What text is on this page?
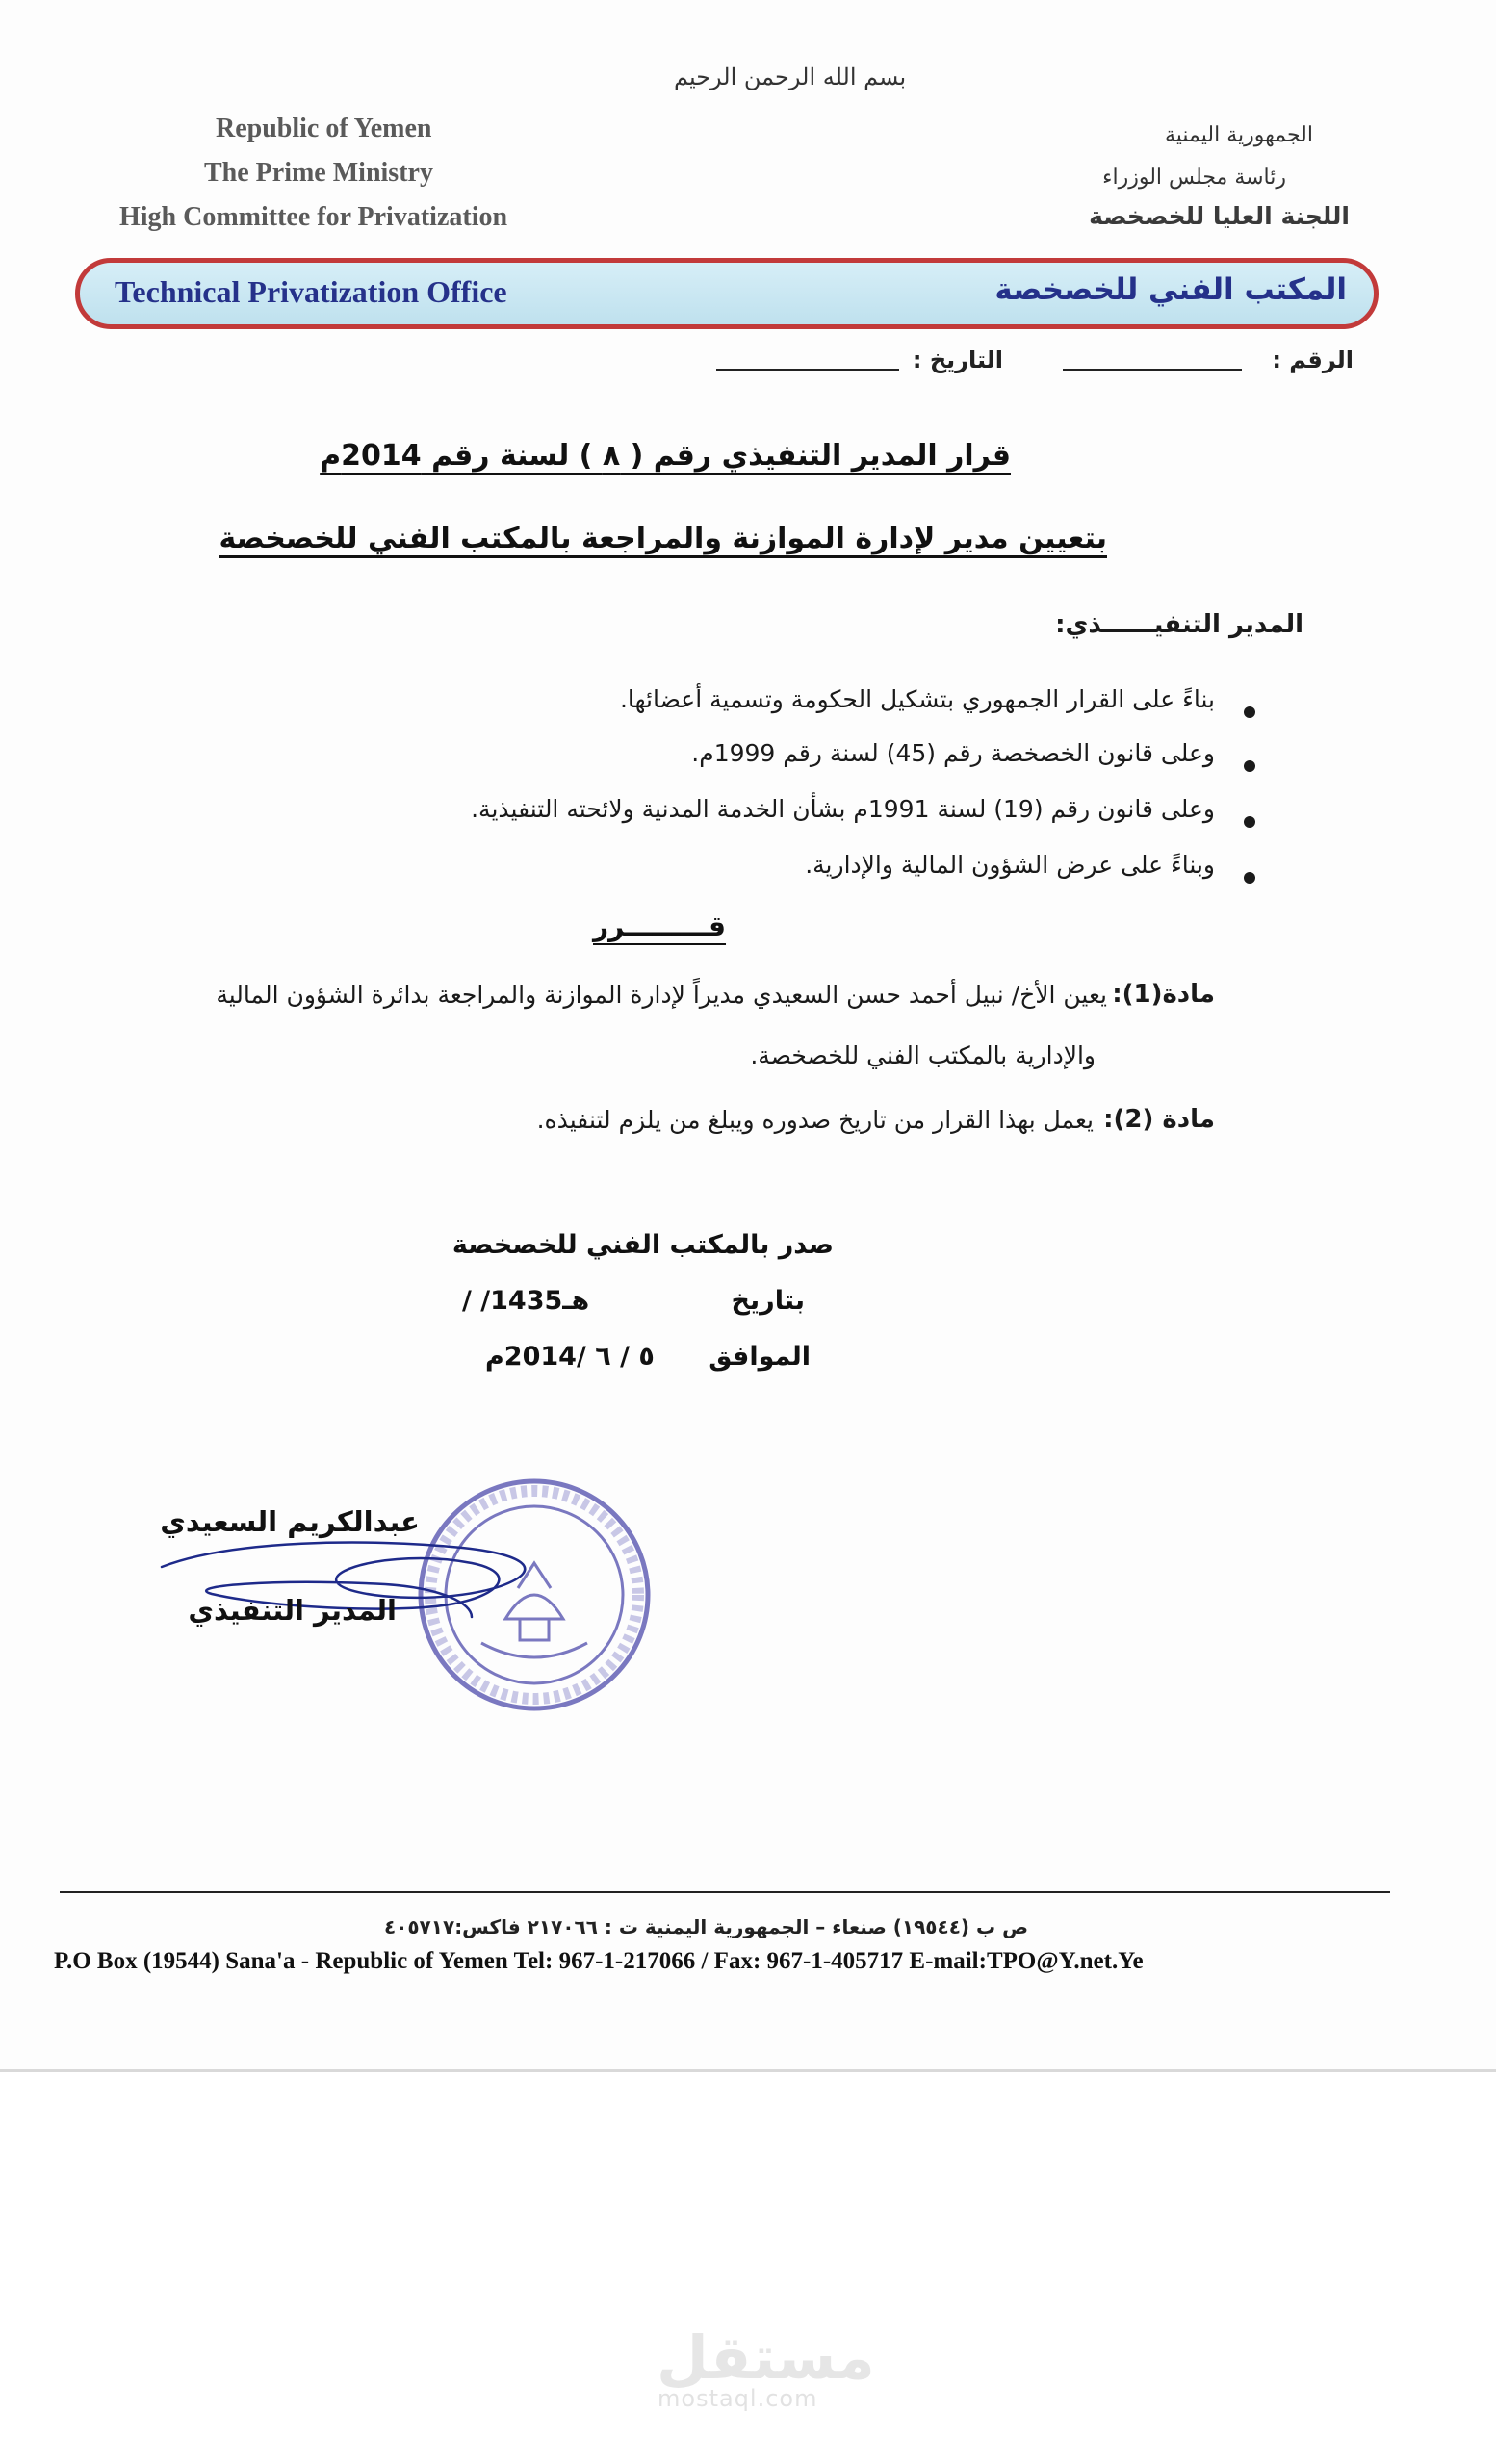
بسم الله الرحمن الرحيم
Republic of Yemen
The Prime Ministry
High Committee for Privatization
الجمهورية اليمنية
رئاسة مجلس الوزراء
اللجنة العليا للخصخصة
Technical Privatization Office	المكتب الفني للخصخصة
الرقم :
التاريخ :
قرار المدير التنفيذي رقم ( ٨ ) لسنة رقم 2014م
بتعيين مدير لإدارة الموازنة والمراجعة بالمكتب الفني للخصخصة
المدير التنفيــــــذي:
بناءً على القرار الجمهوري بتشكيل الحكومة وتسمية أعضائها.
وعلى قانون الخصخصة رقم (45) لسنة رقم 1999م.
وعلى قانون رقم (19) لسنة 1991م بشأن الخدمة المدنية ولائحته التنفيذية.
وبناءً على عرض الشؤون المالية والإدارية.
قـــــــــرر
مادة(1):
يعين الأخ/ نبيل أحمد حسن السعيدي مديراً لإدارة الموازنة والمراجعة بدائرة الشؤون المالية
والإدارية بالمكتب الفني للخصخصة.
مادة (2):
يعمل بهذا القرار من تاريخ صدوره ويبلغ من يلزم لتنفيذه.
صدر بالمكتب الفني للخصخصة
بتاريخ
/ /1435هـ
الموافق
٥ / ٦ /2014م
عبدالكريم السعيدي
المدير التنفيذي
ص ب (١٩٥٤٤) صنعاء – الجمهورية اليمنية ت : ٢١٧٠٦٦ فاكس:٤٠٥٧١٧
P.O Box (19544) Sana'a - Republic of Yemen Tel: 967-1-217066 / Fax: 967-1-405717 E-mail:TPO@Y.net.Ye
مستقل
mostaql.com
